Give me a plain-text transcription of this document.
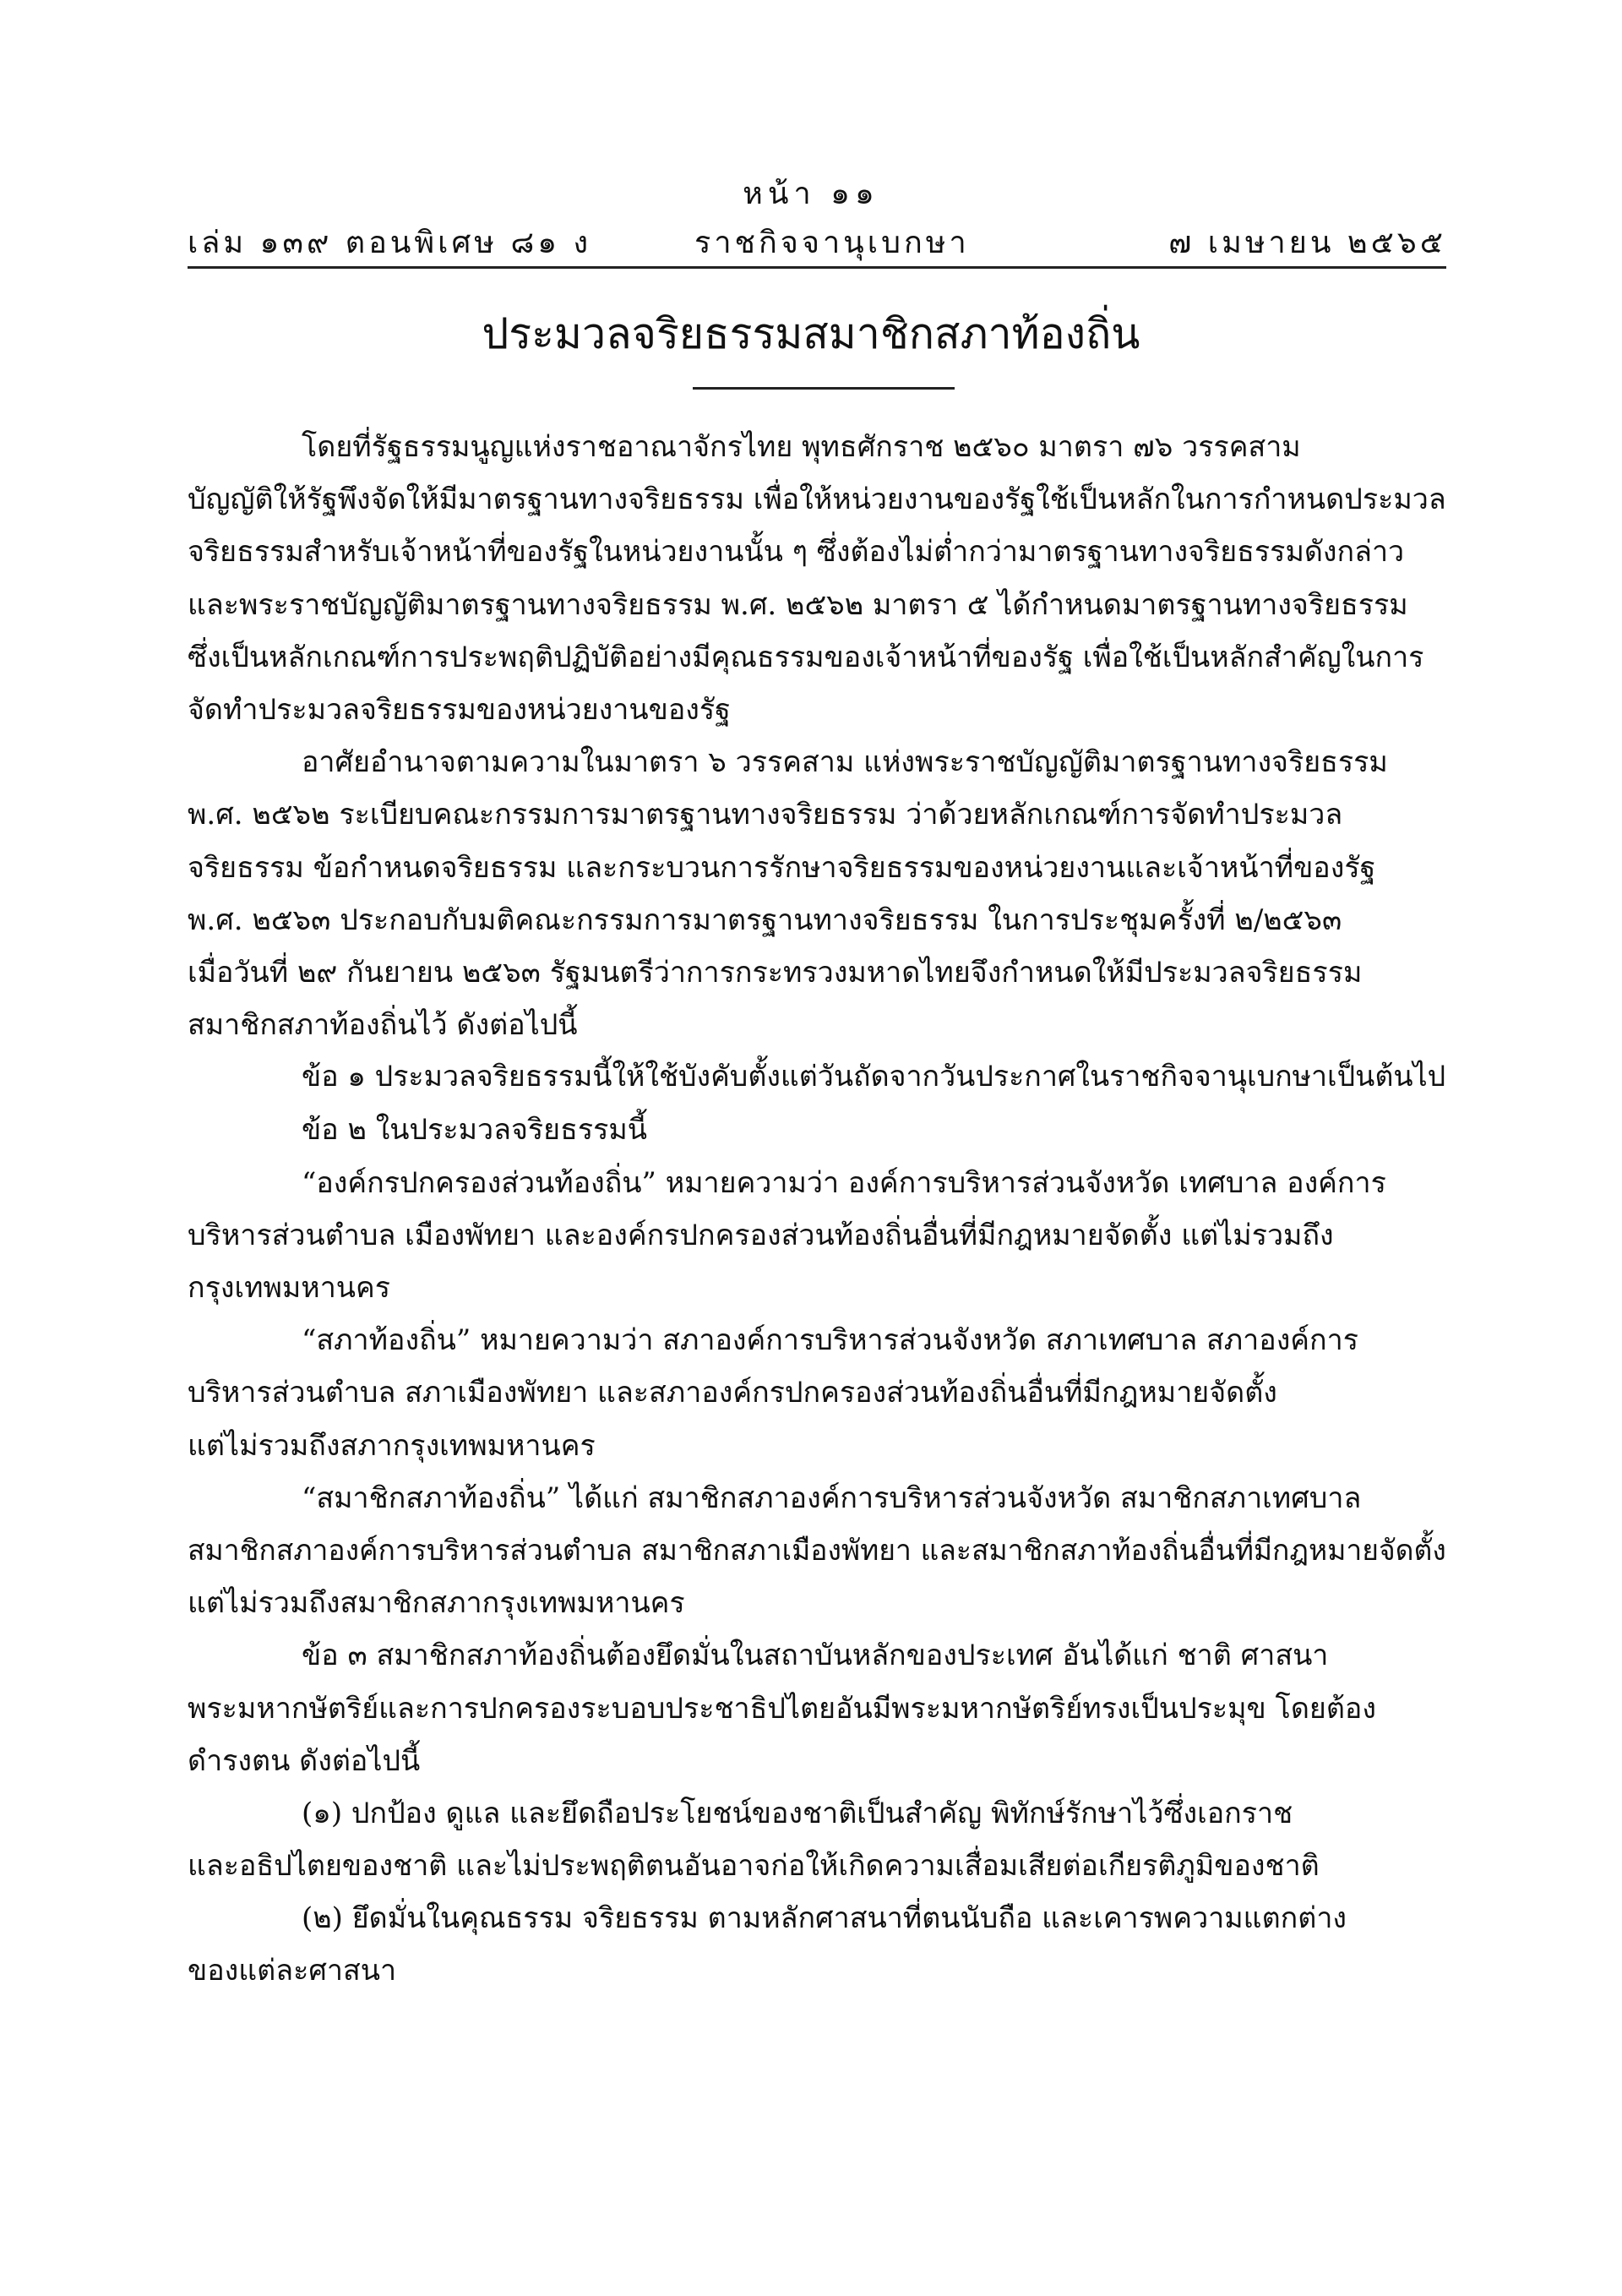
หน้า ๑๑
เล่ม ๑๓๙ ตอนพิเศษ ๘๑ ง	ราชกิจจานุเบกษา	๗ เมษายน ๒๕๖๕
ประมวลจริยธรรมสมาชิกสภาท้องถิ่น
โดยที่รัฐธรรมนูญแห่งราชอาณาจักรไทย พุทธศักราช ๒๕๖๐ มาตรา ๗๖ วรรคสาม
บัญญัติให้รัฐพึงจัดให้มีมาตรฐานทางจริยธรรม เพื่อให้หน่วยงานของรัฐใช้เป็นหลักในการกำหนดประมวล
จริยธรรมสำหรับเจ้าหน้าที่ของรัฐในหน่วยงานนั้น ๆ ซึ่งต้องไม่ต่ำกว่ามาตรฐานทางจริยธรรมดังกล่าว
และพระราชบัญญัติมาตรฐานทางจริยธรรม พ.ศ. ๒๕๖๒ มาตรา ๕ ได้กำหนดมาตรฐานทางจริยธรรม
ซึ่งเป็นหลักเกณฑ์การประพฤติปฏิบัติอย่างมีคุณธรรมของเจ้าหน้าที่ของรัฐ เพื่อใช้เป็นหลักสำคัญในการ
จัดทำประมวลจริยธรรมของหน่วยงานของรัฐ
อาศัยอำนาจตามความในมาตรา ๖ วรรคสาม แห่งพระราชบัญญัติมาตรฐานทางจริยธรรม
พ.ศ. ๒๕๖๒ ระเบียบคณะกรรมการมาตรฐานทางจริยธรรม ว่าด้วยหลักเกณฑ์การจัดทำประมวล
จริยธรรม ข้อกำหนดจริยธรรม และกระบวนการรักษาจริยธรรมของหน่วยงานและเจ้าหน้าที่ของรัฐ
พ.ศ. ๒๕๖๓ ประกอบกับมติคณะกรรมการมาตรฐานทางจริยธรรม ในการประชุมครั้งที่ ๒/๒๕๖๓
เมื่อวันที่ ๒๙ กันยายน ๒๕๖๓ รัฐมนตรีว่าการกระทรวงมหาดไทยจึงกำหนดให้มีประมวลจริยธรรม
สมาชิกสภาท้องถิ่นไว้ ดังต่อไปนี้
ข้อ ๑ ประมวลจริยธรรมนี้ให้ใช้บังคับตั้งแต่วันถัดจากวันประกาศในราชกิจจานุเบกษาเป็นต้นไป
ข้อ ๒ ในประมวลจริยธรรมนี้
“องค์กรปกครองส่วนท้องถิ่น” หมายความว่า องค์การบริหารส่วนจังหวัด เทศบาล องค์การ
บริหารส่วนตำบล เมืองพัทยา และองค์กรปกครองส่วนท้องถิ่นอื่นที่มีกฎหมายจัดตั้ง แต่ไม่รวมถึง
กรุงเทพมหานคร
“สภาท้องถิ่น” หมายความว่า สภาองค์การบริหารส่วนจังหวัด สภาเทศบาล สภาองค์การ
บริหารส่วนตำบล สภาเมืองพัทยา และสภาองค์กรปกครองส่วนท้องถิ่นอื่นที่มีกฎหมายจัดตั้ง
แต่ไม่รวมถึงสภากรุงเทพมหานคร
“สมาชิกสภาท้องถิ่น” ได้แก่ สมาชิกสภาองค์การบริหารส่วนจังหวัด สมาชิกสภาเทศบาล
สมาชิกสภาองค์การบริหารส่วนตำบล สมาชิกสภาเมืองพัทยา และสมาชิกสภาท้องถิ่นอื่นที่มีกฎหมายจัดตั้ง
แต่ไม่รวมถึงสมาชิกสภากรุงเทพมหานคร
ข้อ ๓ สมาชิกสภาท้องถิ่นต้องยึดมั่นในสถาบันหลักของประเทศ อันได้แก่ ชาติ ศาสนา
พระมหากษัตริย์และการปกครองระบอบประชาธิปไตยอันมีพระมหากษัตริย์ทรงเป็นประมุข โดยต้อง
ดำรงตน ดังต่อไปนี้
(๑) ปกป้อง ดูแล และยึดถือประโยชน์ของชาติเป็นสำคัญ พิทักษ์รักษาไว้ซึ่งเอกราช
และอธิปไตยของชาติ และไม่ประพฤติตนอันอาจก่อให้เกิดความเสื่อมเสียต่อเกียรติภูมิของชาติ
(๒) ยึดมั่นในคุณธรรม จริยธรรม ตามหลักศาสนาที่ตนนับถือ และเคารพความแตกต่าง
ของแต่ละศาสนา
